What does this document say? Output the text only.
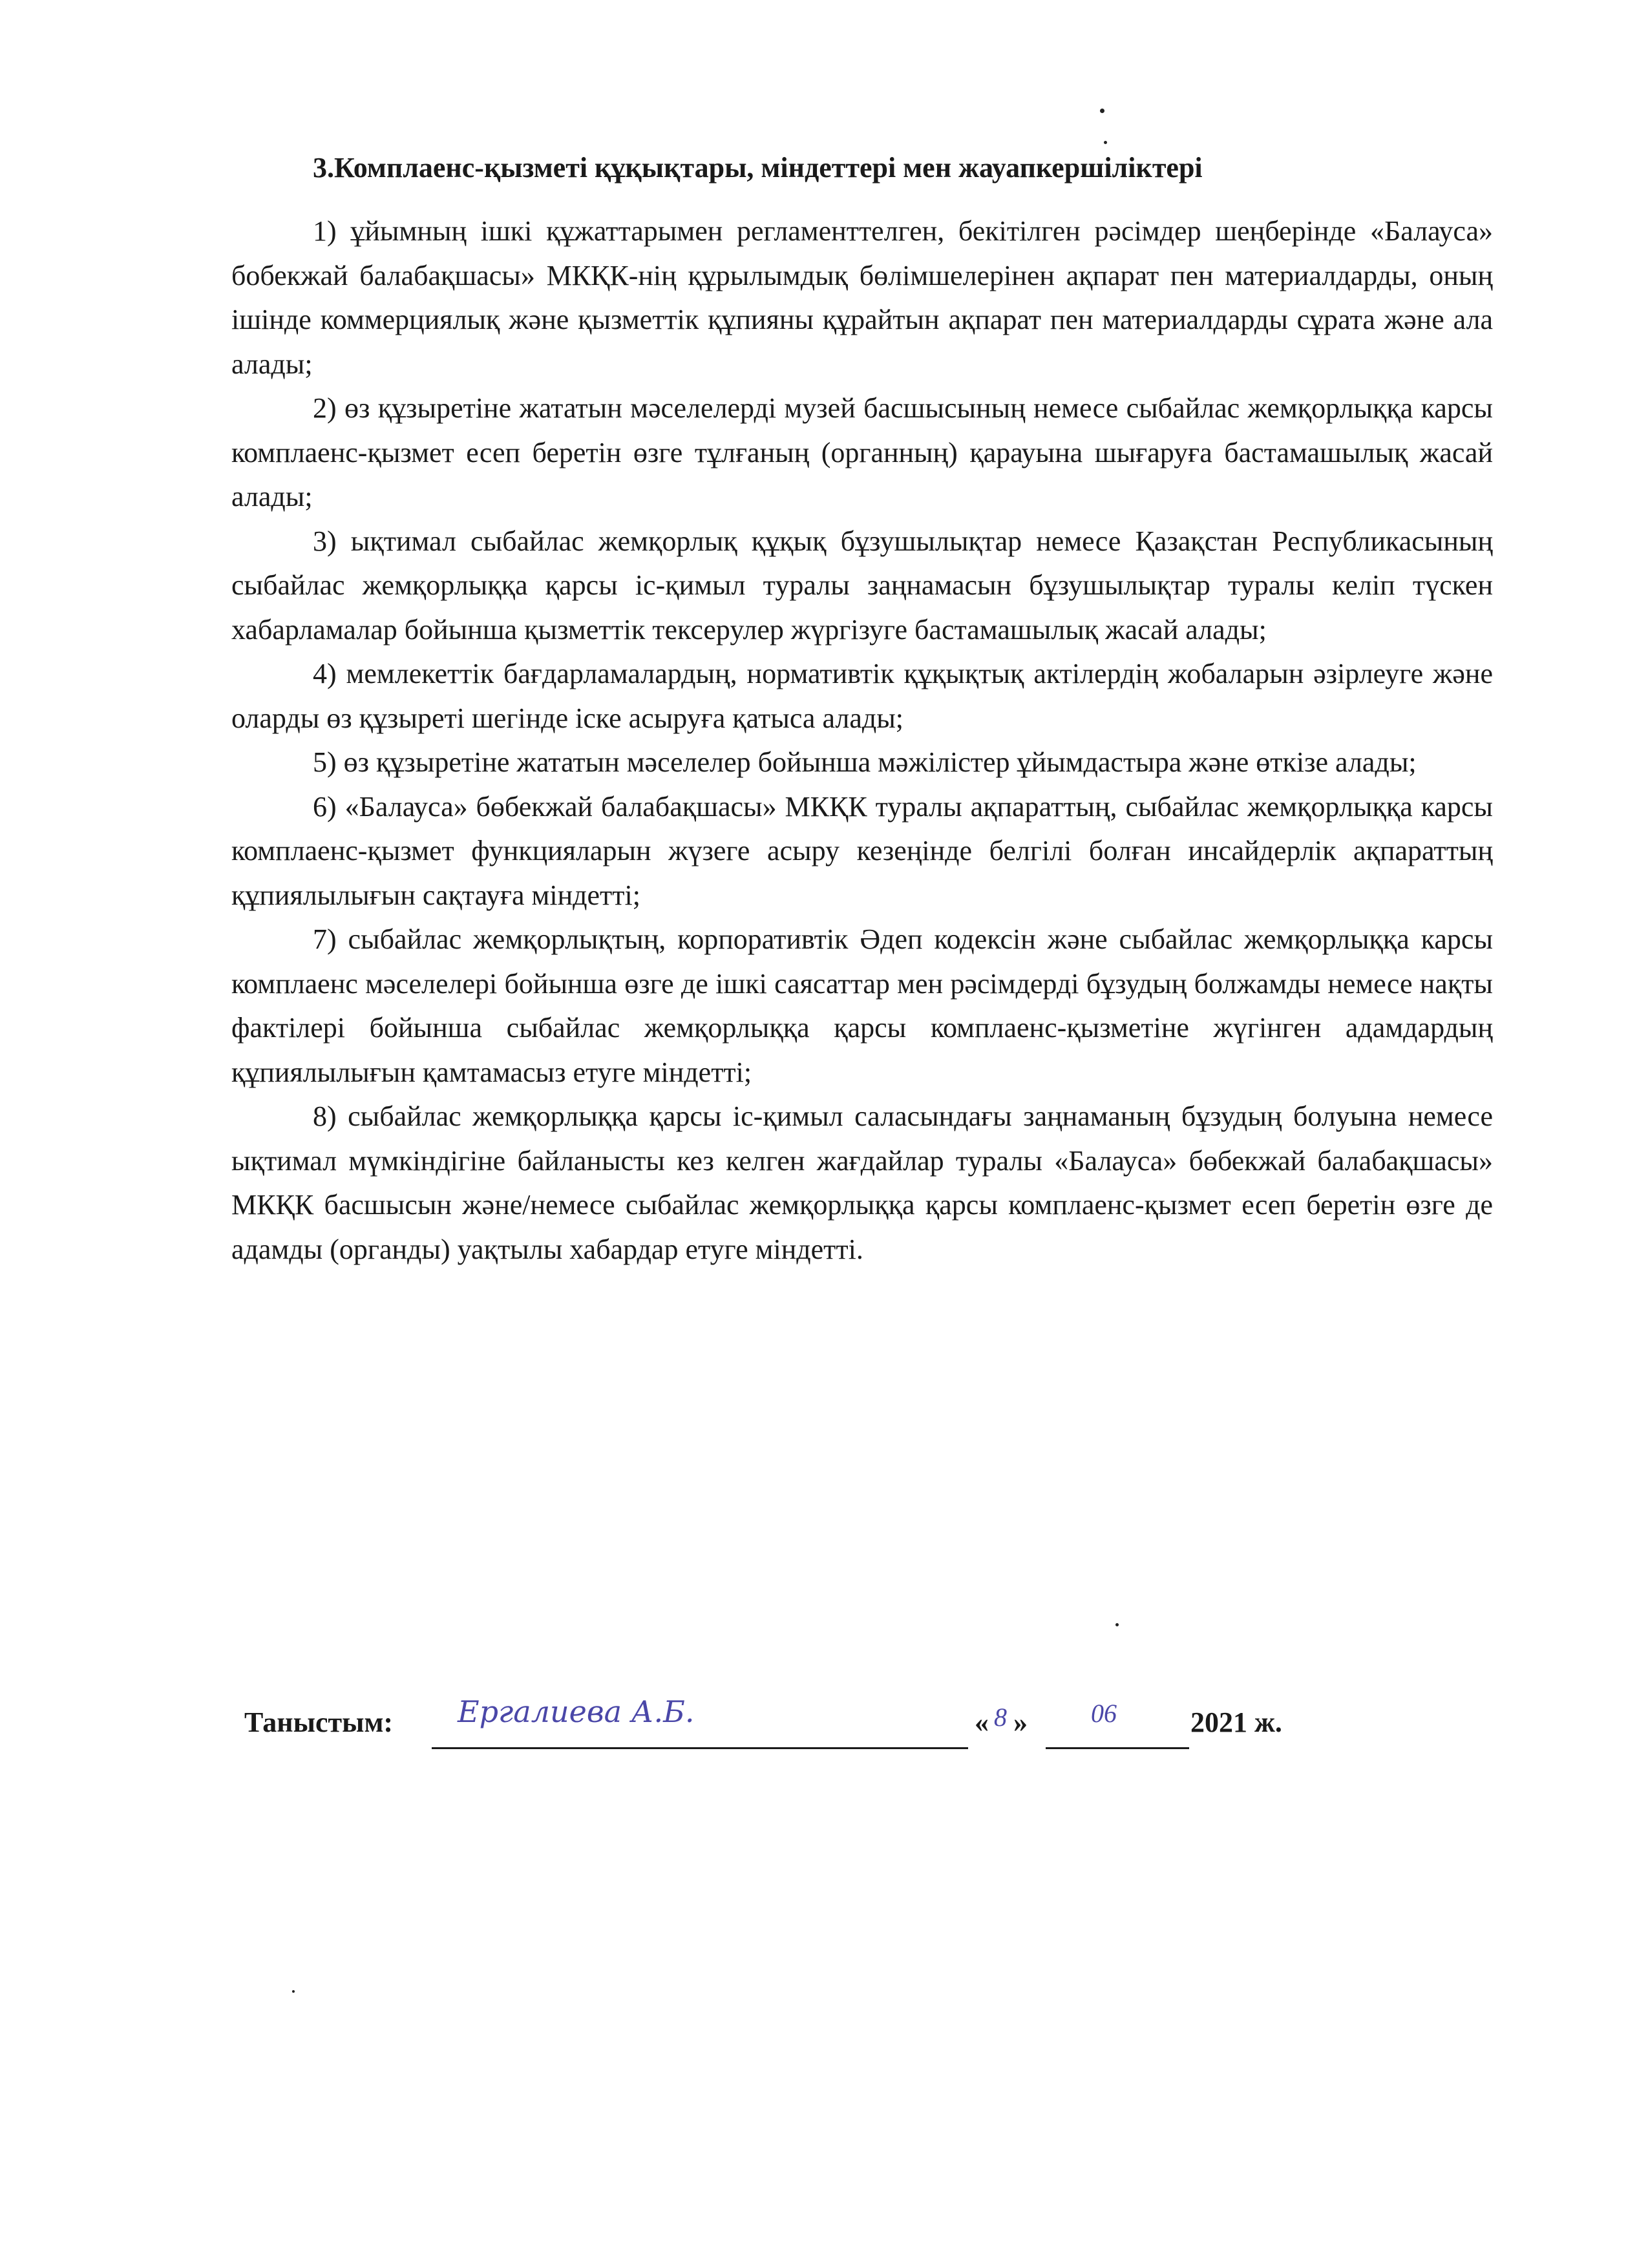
3.Комплаенс-қызметі құқықтары, міндеттері мен жауапкершіліктері

1) ұйымның ішкі құжаттарымен регламенттелген, бекітілген рәсімдер шеңберінде «Балауса» бобекжай балабақшасы» МКҚК-нің құрылымдық бөлімшелерінен ақпарат пен материалдарды, оның ішінде коммерциялық және қызметтік құпияны құрайтын ақпарат пен материалдарды сұрата және ала алады;

2) өз құзыретіне жататын мәселелерді музей басшысының немесе сыбайлас жемқорлыққа карсы комплаенс-қызмет есеп беретін өзге тұлғаның (органның) қарауына шығаруға бастамашылық жасай алады;

3) ықтимал сыбайлас жемқорлық құқық бұзушылықтар немесе Қазақстан Республикасының сыбайлас жемқорлыққа қарсы іс-қимыл туралы заңнамасын бұзушылықтар туралы келіп түскен хабарламалар бойынша қызметтік тексерулер жүргізуге бастамашылық жасай алады;

4) мемлекеттік бағдарламалардың, нормативтік құқықтық актілердің жобаларын әзірлеуге және оларды өз құзыреті шегінде іске асыруға қатыса алады;

5) өз құзыретіне жататын мәселелер бойынша мәжілістер ұйымдастыра және өткізе алады;

6) «Балауса» бөбекжай балабақшасы» МКҚК туралы ақпараттың, сыбайлас жемқорлыққа карсы комплаенс-қызмет функцияларын жүзеге асыру кезеңінде белгілі болған инсайдерлік ақпараттың құпиялылығын сақтауға міндетті;

7) сыбайлас жемқорлықтың, корпоративтік Әдеп кодексін және сыбайлас жемқорлыққа карсы комплаенс мәселелері бойынша өзге де ішкі саясаттар мен рәсімдерді бұзудың болжамды немесе нақты фактілері бойынша сыбайлас жемқорлыққа қарсы комплаенс-қызметіне жүгінген адамдардың құпиялылығын қамтамасыз етуге міндетті;

8) сыбайлас жемқорлыққа қарсы іс-қимыл саласындағы заңнаманың бұзудың болуына немесе ықтимал мүмкіндігіне байланысты кез келген жағдайлар туралы «Балауса» бөбекжай балабақшасы» МКҚК басшысын және/немесе сыбайлас жемқорлыққа қарсы комплаенс-қызмет есеп беретін өзге де адамды (органды) уақтылы хабардар етуге міндетті.

Таныстым: Ергалиева А.Б.	« 8 » 06	2021 ж.
